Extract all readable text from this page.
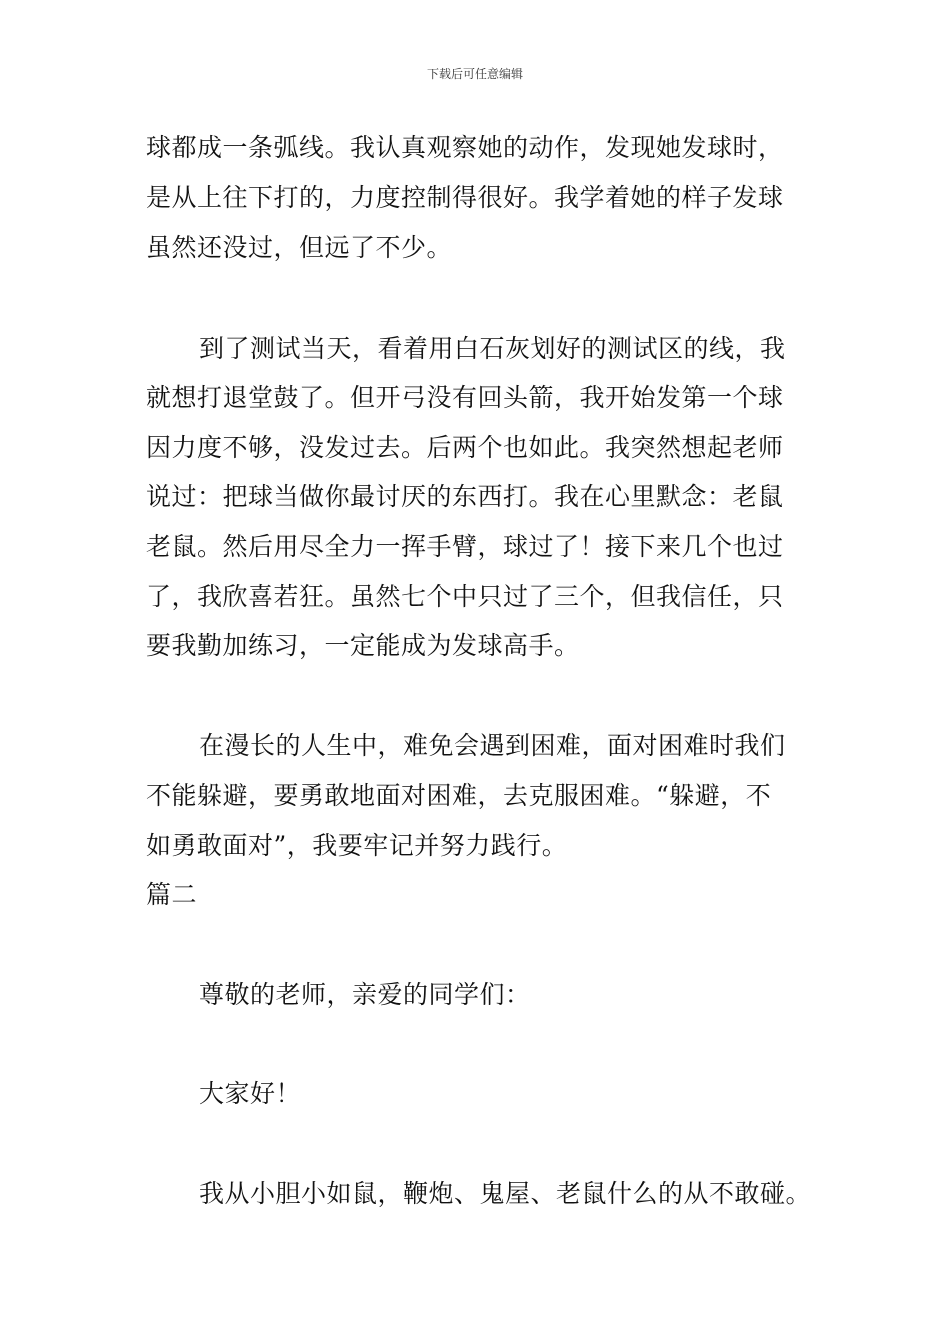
下载后可任意编辑
球都成一条弧线。我认真观察她的动作，发现她发球时，
是从上往下打的，力度控制得很好。我学着她的样子发球
虽然还没过，但远了不少。
到了测试当天，看着用白石灰划好的测试区的线，我
就想打退堂鼓了。但开弓没有回头箭，我开始发第一个球
因力度不够，没发过去。后两个也如此。我突然想起老师
说过：把球当做你最讨厌的东西打。我在心里默念：老鼠
老鼠。然后用尽全力一挥手臂，球过了！接下来几个也过
了，我欣喜若狂。虽然七个中只过了三个，但我信任，只
要我勤加练习，一定能成为发球高手。
在漫长的人生中，难免会遇到困难，面对困难时我们
不能躲避，要勇敢地面对困难，去克服困难。“躲避，不
如勇敢面对”，我要牢记并努力践行。
篇二
尊敬的老师，亲爱的同学们：
大家好！
我从小胆小如鼠，鞭炮、鬼屋、老鼠什么的从不敢碰。
